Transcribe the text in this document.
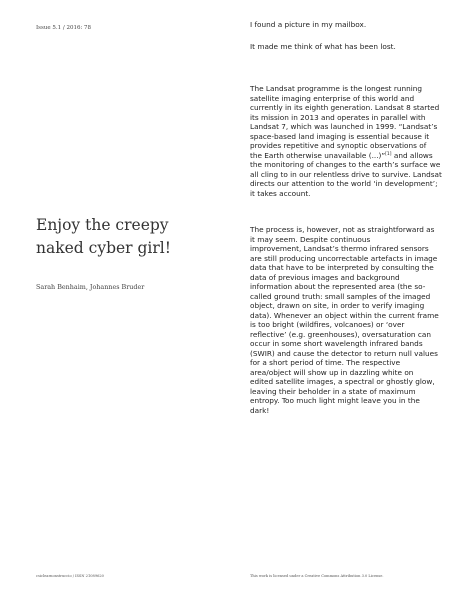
Issue 5.1 / 2016: 78	I found a picture in my mailbox.
It made me think of what has been lost.
The Landsat programme is the longest running
satellite imaging enterprise of this world and
currently in its eighth generation. Landsat 8 started
its mission in 2013 and operates in parallel with
Landsat 7, which was launched in 1999. “Landsat’s
space-based land imaging is essential because it
provides repetitive and synoptic observations of
the Earth otherwise unavailable (...)”[1] and allows
the monitoring of changes to the earth’s surface we
all cling to in our relentless drive to survive. Landsat
directs our attention to the world ‘in development’;
it takes account.
Enjoy the creepy
naked cyber girl!
Sarah Benhaim, Johannes Bruder
The process is, however, not as straightforward as
it may seem. Despite continuous
improvement, Landsat’s thermo infrared sensors
are still producing uncorrectable artefacts in image
data that have to be interpreted by consulting the
data of previous images and background
information about the represented area (the so-
called ground truth: small samples of the imaged
object, drawn on site, in order to verify imaging
data). Whenever an object within the current frame
is too bright (wildfires, volcanoes) or ‘over
reflective’ (e.g. greenhouses), oversaturation can
occur in some short wavelength infrared bands
(SWIR) and cause the detector to return null values
for a short period of time. The respective
area/object will show up in dazzling white on
edited satellite images, a spectral or ghostly glow,
leaving their beholder in a state of maximum
entropy. Too much light might leave you in the
dark!
csiclearnonstruccio / ISSN 21089620	This work is licensed under a Creative Commons Attribution 3.0 License.
